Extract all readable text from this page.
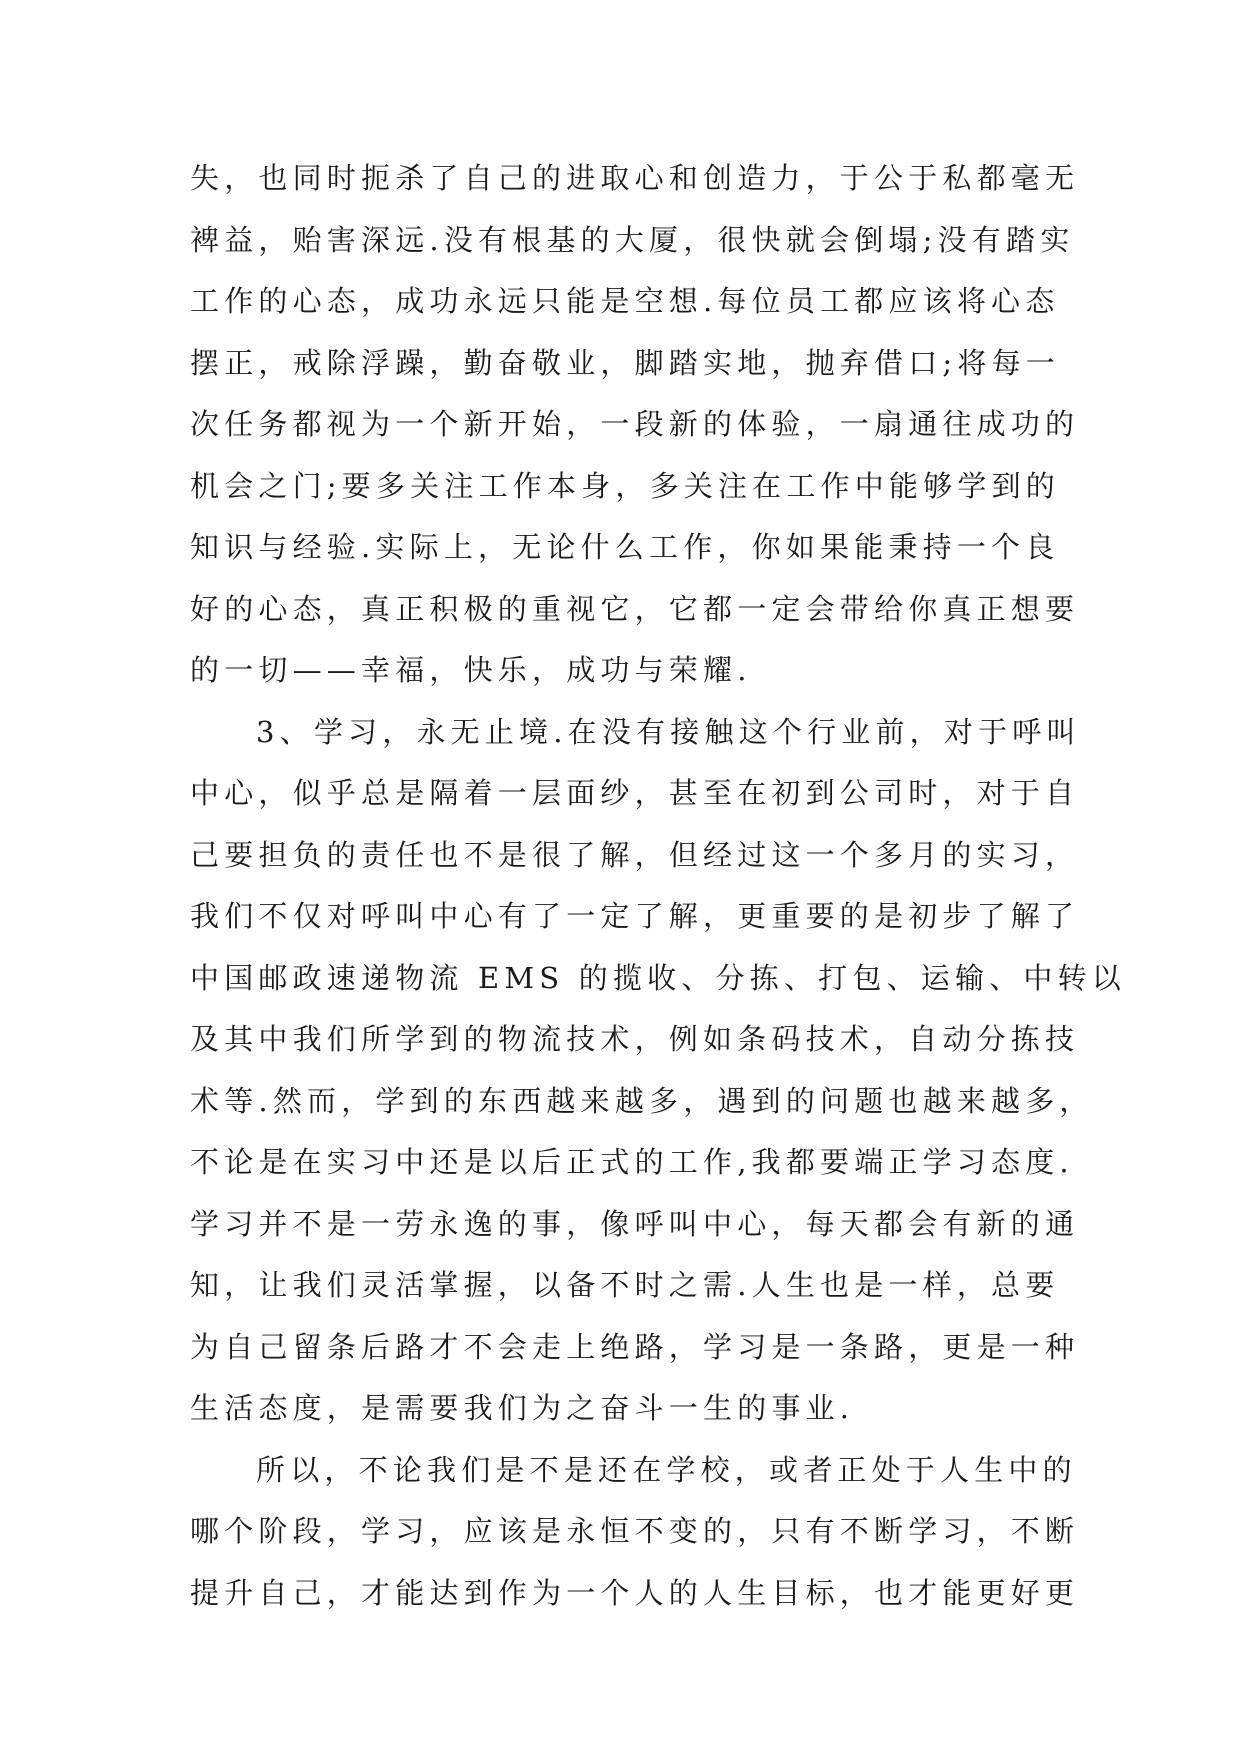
失，也同时扼杀了自己的进取心和创造力，于公于私都毫无
裨益，贻害深远.没有根基的大厦，很快就会倒塌;没有踏实
工作的心态，成功永远只能是空想.每位员工都应该将心态
摆正，戒除浮躁，勤奋敬业，脚踏实地，抛弃借口;将每一
次任务都视为一个新开始，一段新的体验，一扇通往成功的
机会之门;要多关注工作本身，多关注在工作中能够学到的
知识与经验.实际上，无论什么工作，你如果能秉持一个良
好的心态，真正积极的重视它，它都一定会带给你真正想要
的一切——幸福，快乐，成功与荣耀.
3、学习，永无止境.在没有接触这个行业前，对于呼叫
中心，似乎总是隔着一层面纱，甚至在初到公司时，对于自
己要担负的责任也不是很了解，但经过这一个多月的实习，
我们不仅对呼叫中心有了一定了解，更重要的是初步了解了
中国邮政速递物流 EMS 的揽收、分拣、打包、运输、中转以
及其中我们所学到的物流技术，例如条码技术，自动分拣技
术等.然而，学到的东西越来越多，遇到的问题也越来越多，
不论是在实习中还是以后正式的工作,我都要端正学习态度.
学习并不是一劳永逸的事，像呼叫中心，每天都会有新的通
知，让我们灵活掌握，以备不时之需.人生也是一样，总要
为自己留条后路才不会走上绝路，学习是一条路，更是一种
生活态度，是需要我们为之奋斗一生的事业.
所以，不论我们是不是还在学校，或者正处于人生中的
哪个阶段，学习，应该是永恒不变的，只有不断学习，不断
提升自己，才能达到作为一个人的人生目标，也才能更好更
